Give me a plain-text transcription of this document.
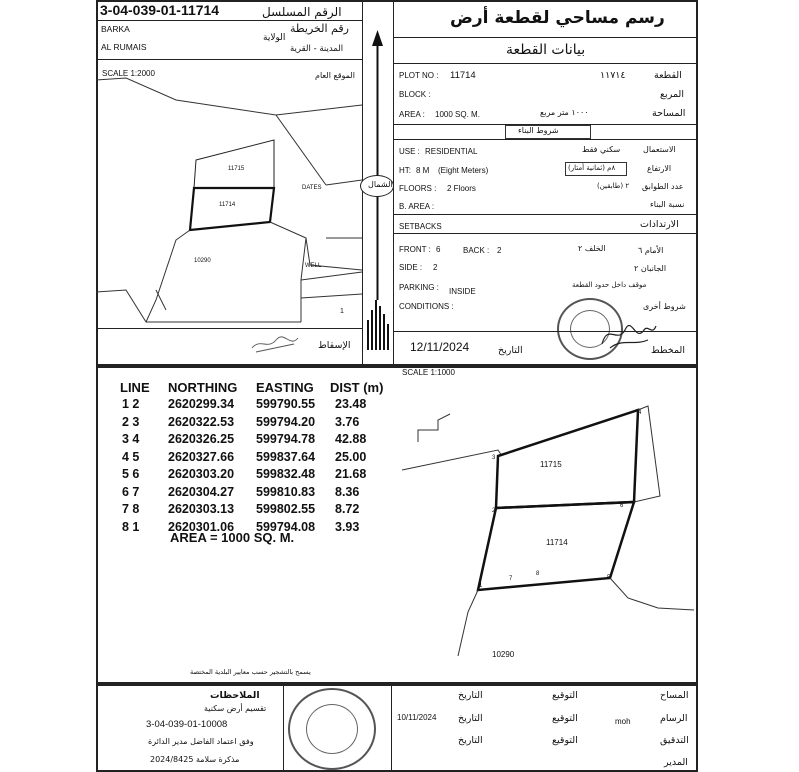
3-04-039-01-11714	الرقم المسلسل
BARKA	رقم الخريطة
الولاية
AL RUMAIS	المدينة - القرية
SCALE 1:2000	الموقع العام
11715
11714
10290
DATES
WELL
1
الإسقاط
الشمال
رسم مساحي لقطعة أرض
بيانات القطعة
PLOT NO : 11714	١١٧١٤	القطعة
BLOCK :	المربع
AREA : 1000 SQ. M.	١٠٠٠ متر مربع	المساحة
شروط البناء
USE : RESIDENTIAL	سكني فقط	الاستعمال
HT: 8 M (Eight Meters)	٨م (ثمانية أمتار)	الارتفاع
FLOORS : 2 Floors	٢ (طابقين) عدد الطوابق
B. AREA :	نسبة البناء
SETBACKS	الارتدادات
FRONT : 6	BACK : 2	الخلف ٢	الأمام ٦
SIDE : 2	الجانبان ٢
PARKING : INSIDE
موقف داخل حدود القطعة
CONDITIONS :	شروط أخرى
12/11/2024	التاريخ	المخطط
LINE NORTHING EASTING DIST (m)
1 2 2620299.34 599790.55 23.48
2 3 2620322.53 599794.20 3.76
3 4 2620326.25 599794.78 42.88
4 5 2620327.66 599837.64 25.00
5 6 2620303.20 599832.48 21.68
6 7 2620304.27 599810.83 8.36
7 8 2620303.13 599802.55 8.72
8 1 2620301.06 599794.08 3.93
AREA = 1000 SQ. M.
SCALE 1:1000
11715
11714
10290
1
2
3
4
5
6
7
8
يسمح بالتشجير حسب معايير البلدية المختصة
الملاحظات
تقسيم أرض سكنية
3-04-039-01-10008
وفق اعتماد الفاضل مدير الدائرة
مذكرة سلامة 2024/8425
التاريخ	التوقيع	المساح
10/11/2024 التاريخ	التوقيع	moh	الرسام
التاريخ	التوقيع	التدقيق
المدير
